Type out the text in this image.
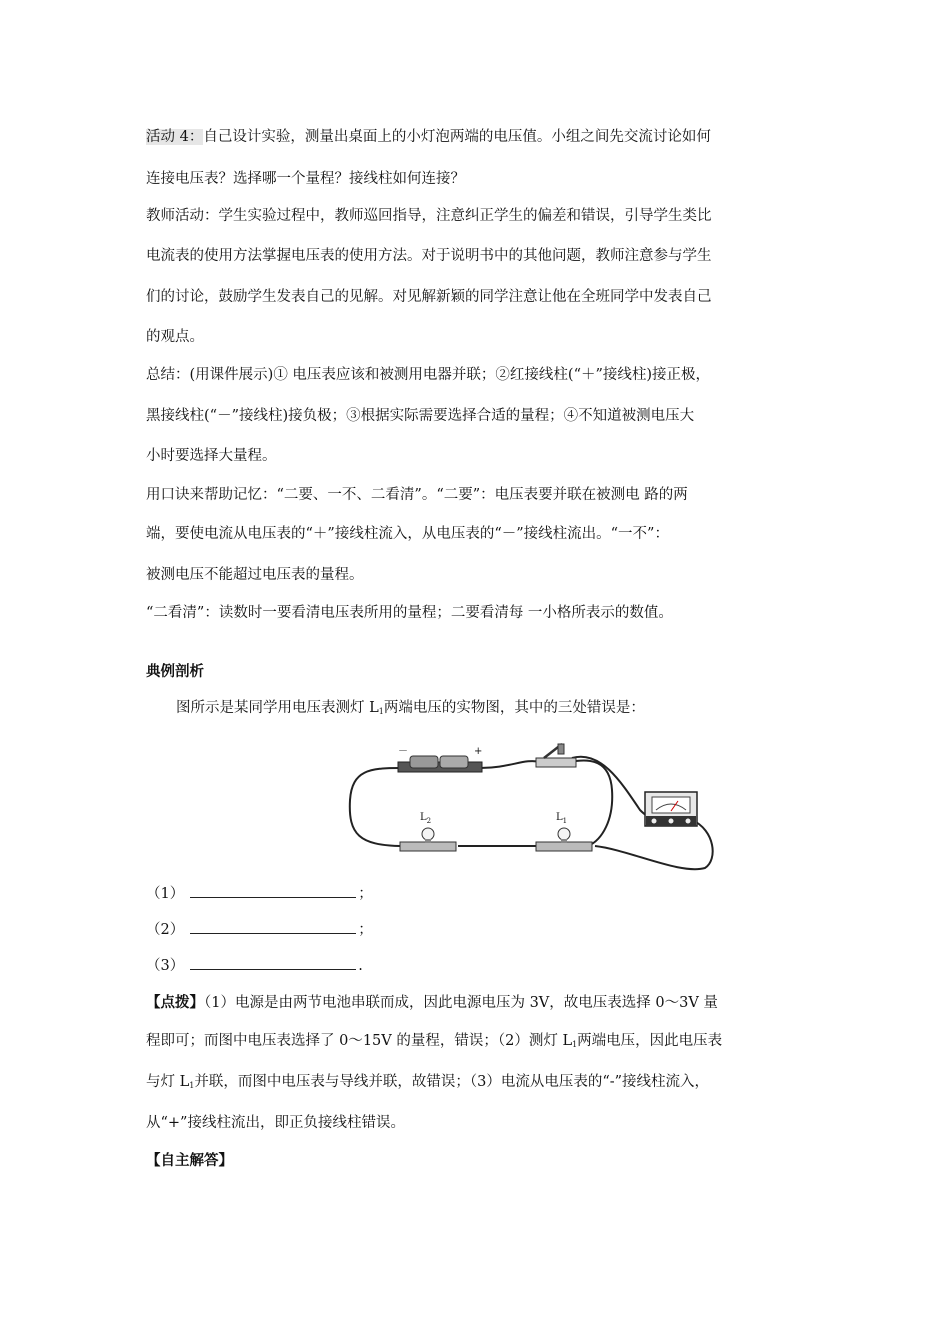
活动 4：自己设计实验，测量出桌面上的小灯泡两端的电压值。小组之间先交流讨论如何
连接电压表？选择哪一个量程？接线柱如何连接？
教师活动：学生实验过程中，教师巡回指导，注意纠正学生的偏差和错误，引导学生类比
电流表的使用方法掌握电压表的使用方法。对于说明书中的其他问题，教师注意参与学生
们的讨论，鼓励学生发表自己的见解。对见解新颖的同学注意让他在全班同学中发表自己
的观点。
总结：(用课件展示)① 电压表应该和被测用电器并联；②红接线柱(“＋”接线柱)接正极，
黑接线柱(“－”接线柱)接负极；③根据实际需要选择合适的量程；④不知道被测电压大
小时要选择大量程。
用口诀来帮助记忆：“二要、一不、二看清”。“二要”：电压表要并联在被测电 路的两
端，要使电流从电压表的“＋”接线柱流入，从电压表的“－”接线柱流出。“一不”：
被测电压不能超过电压表的量程。
“二看清”：读数时一要看清电压表所用的量程；二要看清每 一小格所表示的数值。
典例剖析
图所示是某同学用电压表测灯 $L_1$两端电压的实物图，其中的三处错误是：
－	+
$L_2$	$L_1$
（1）	；
（2）	；
（3）	.
【点拨】（1）电源是由两节电池串联而成，因此电源电压为 3V，故电压表选择 0～3V 量
程即可；而图中电压表选择了 0～15V 的量程，错误；（2）测灯 $L_1$两端电压，因此电压表
与灯 $L_1$并联，而图中电压表与导线并联，故错误；（3）电流从电压表的“-”接线柱流入，
从“+”接线柱流出，即正负接线柱错误。
【自主解答】
